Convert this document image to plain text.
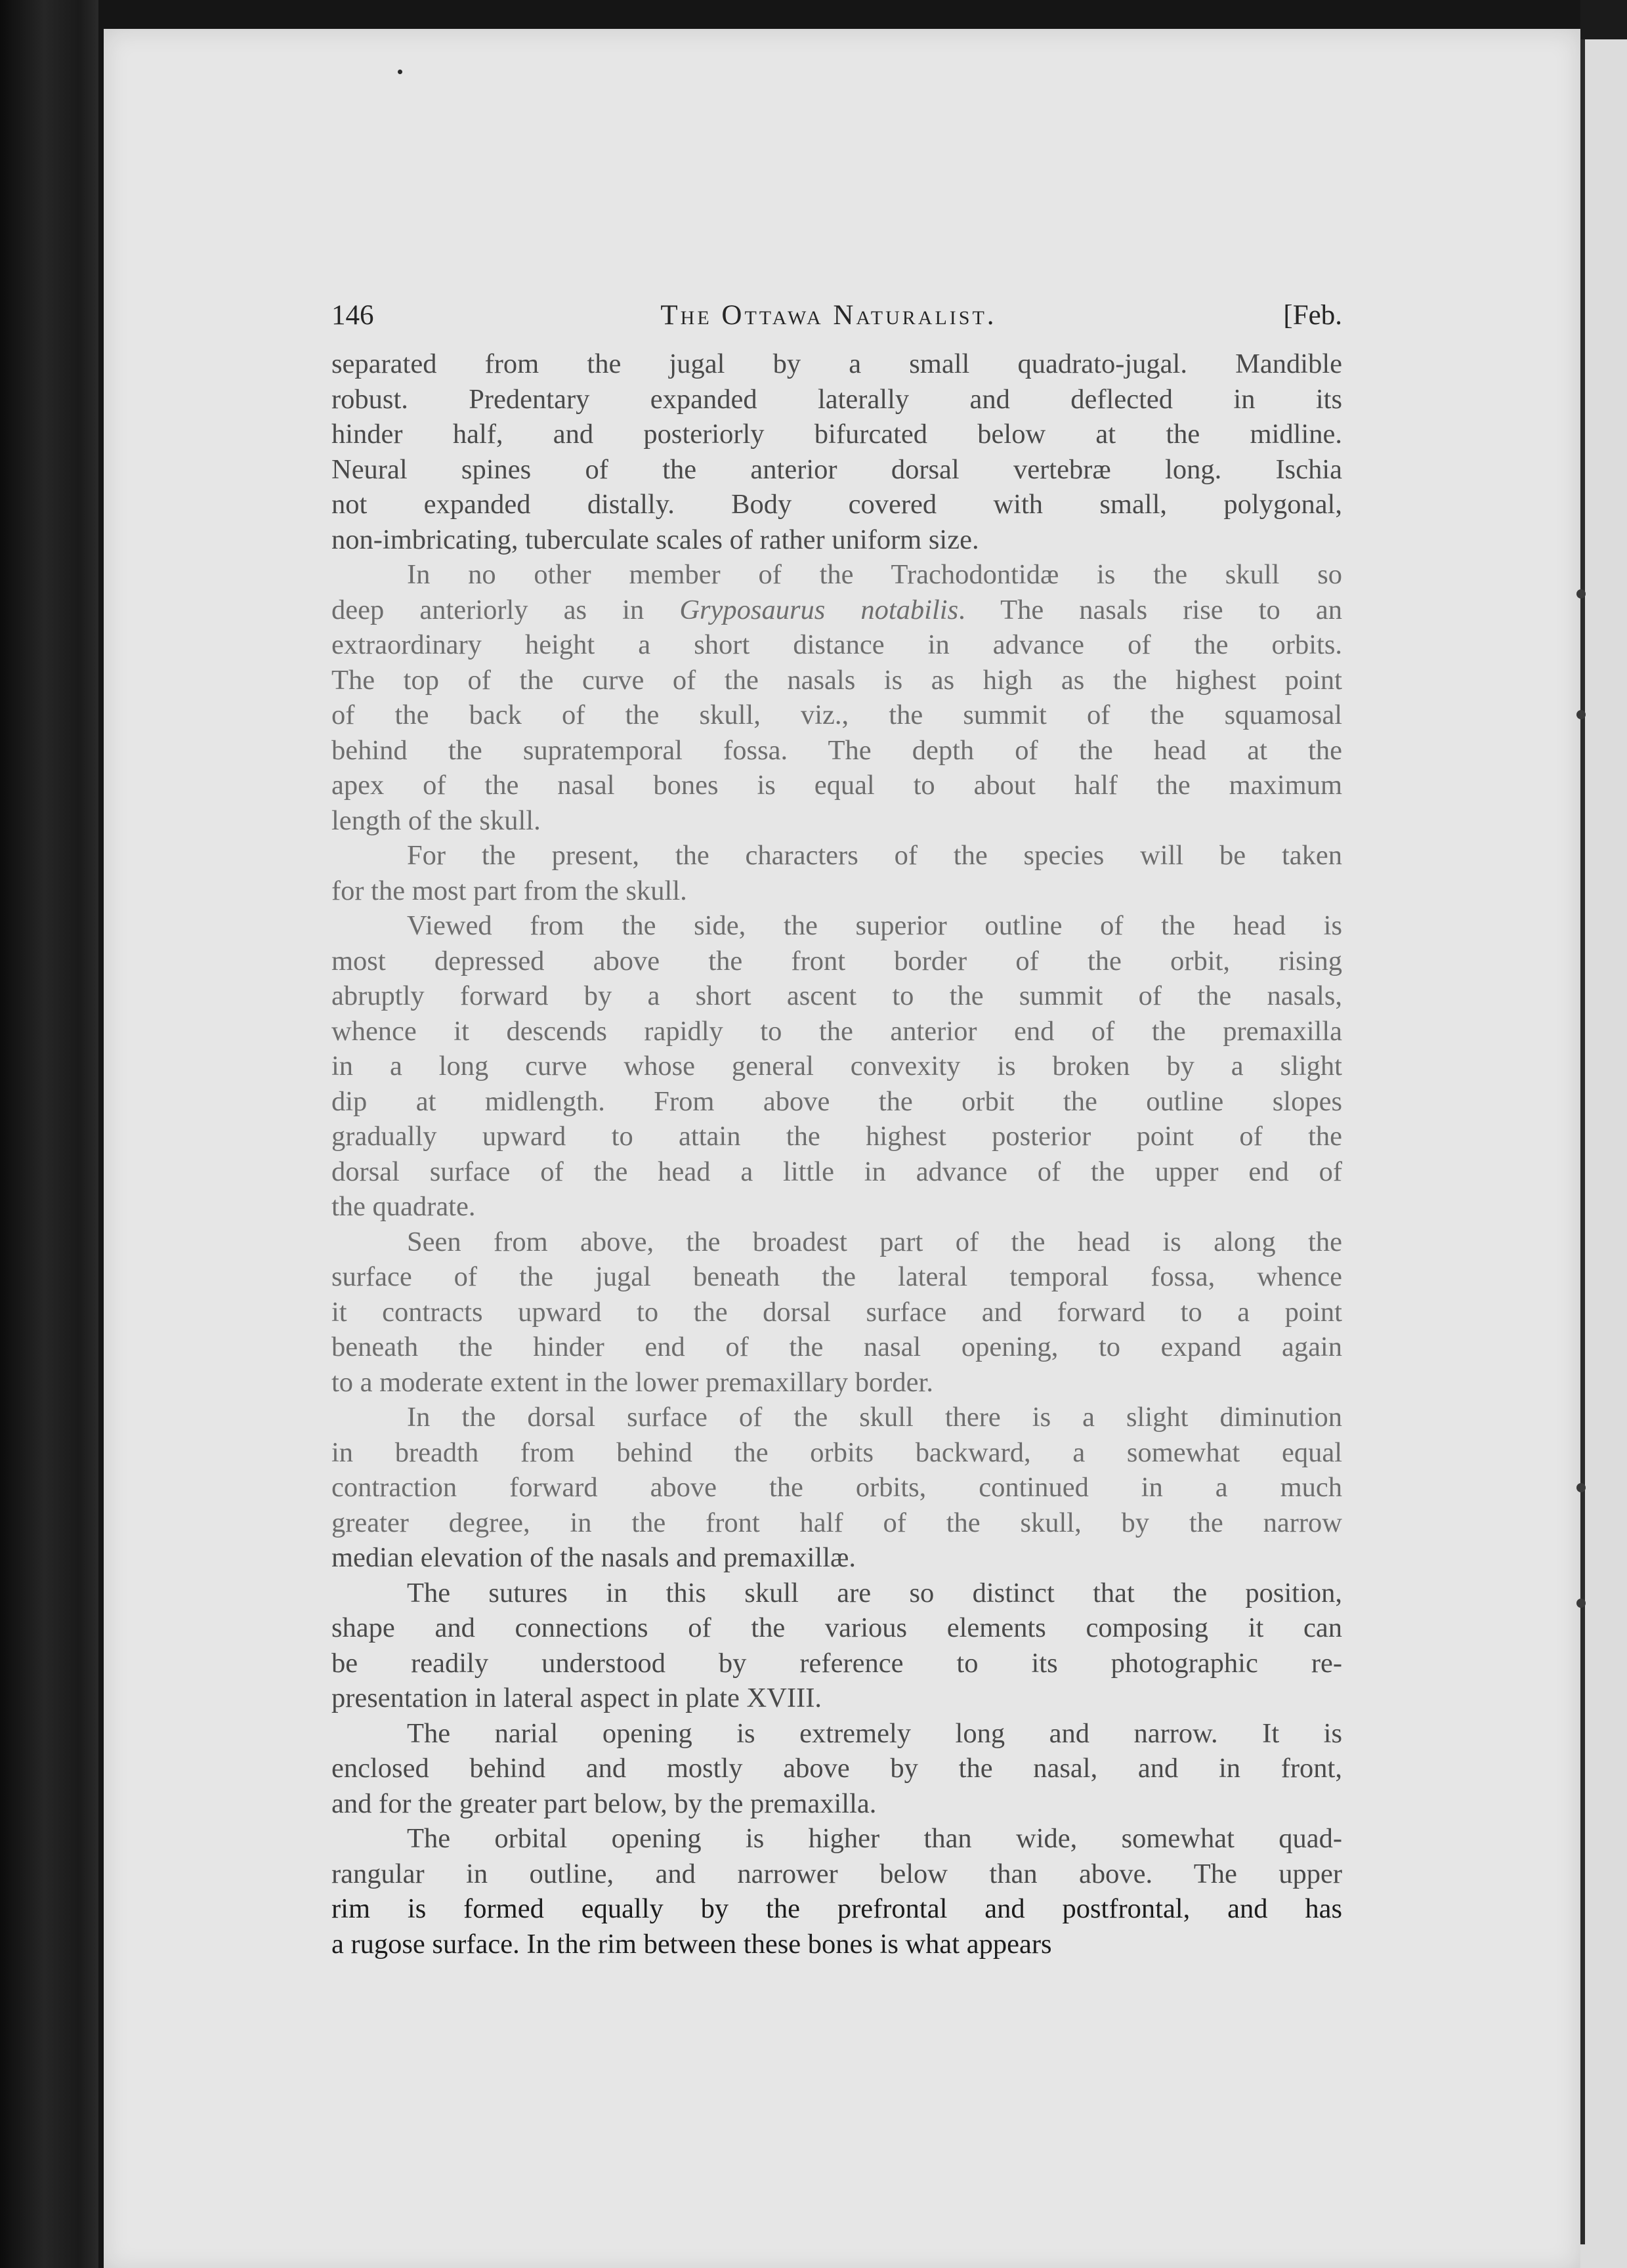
146	The Ottawa Naturalist.	[Feb.
separated from the jugal by a small quadrato-jugal. Mandible
robust. Predentary expanded laterally and deflected in its
hinder half, and posteriorly bifurcated below at the midline.
Neural spines of the anterior dorsal vertebræ long. Ischia
not expanded distally. Body covered with small, polygonal,
non-imbricating, tuberculate scales of rather uniform size.
In no other member of the Trachodontidæ is the skull so
deep anteriorly as in Gryposaurus notabilis. The nasals rise to an
extraordinary height a short distance in advance of the orbits.
The top of the curve of the nasals is as high as the highest point
of the back of the skull, viz., the summit of the squamosal
behind the supratemporal fossa. The depth of the head at the
apex of the nasal bones is equal to about half the maximum
length of the skull.
For the present, the characters of the species will be taken
for the most part from the skull.
Viewed from the side, the superior outline of the head is
most depressed above the front border of the orbit, rising
abruptly forward by a short ascent to the summit of the nasals,
whence it descends rapidly to the anterior end of the premaxilla
in a long curve whose general convexity is broken by a slight
dip at midlength. From above the orbit the outline slopes
gradually upward to attain the highest posterior point of the
dorsal surface of the head a little in advance of the upper end of
the quadrate.
Seen from above, the broadest part of the head is along the
surface of the jugal beneath the lateral temporal fossa, whence
it contracts upward to the dorsal surface and forward to a point
beneath the hinder end of the nasal opening, to expand again
to a moderate extent in the lower premaxillary border.
In the dorsal surface of the skull there is a slight diminution
in breadth from behind the orbits backward, a somewhat equal
contraction forward above the orbits, continued in a much
greater degree, in the front half of the skull, by the narrow
median elevation of the nasals and premaxillæ.
The sutures in this skull are so distinct that the position,
shape and connections of the various elements composing it can
be readily understood by reference to its photographic re-
presentation in lateral aspect in plate XVIII.
The narial opening is extremely long and narrow. It is
enclosed behind and mostly above by the nasal, and in front,
and for the greater part below, by the premaxilla.
The orbital opening is higher than wide, somewhat quad-
rangular in outline, and narrower below than above. The upper
rim is formed equally by the prefrontal and postfrontal, and has
a rugose surface. In the rim between these bones is what appears
